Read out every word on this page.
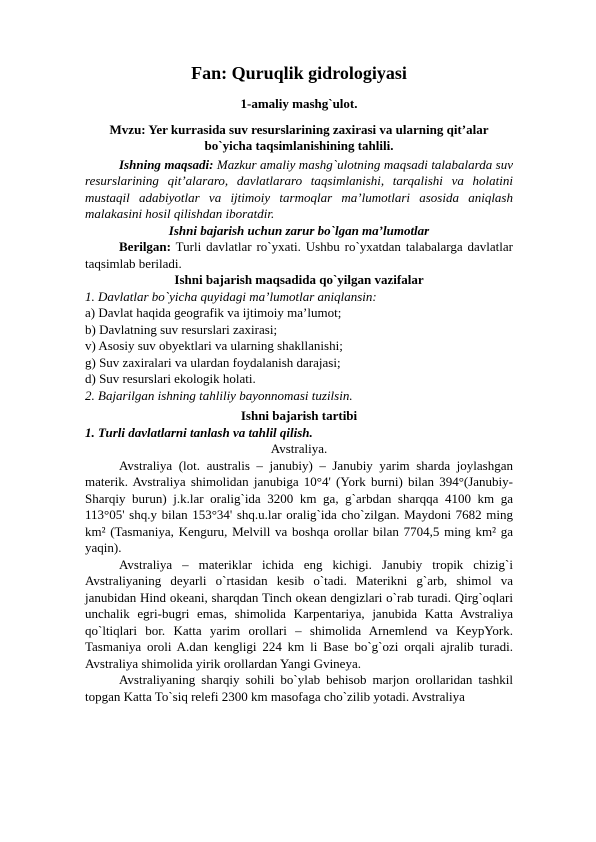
Fan: Quruqlik gidrologiyasi

1-amaliy mashg`ulot.

Mvzu: Yer kurrasida suv resurslarining zaxirasi va ularning qit’alar bo`yicha taqsimlanishining tahlili.

Ishning maqsadi: Mazkur amaliy mashg`ulotning maqsadi talabalarda suv resurslarining qit’alararo, davlatlararo taqsimlanishi, tarqalishi va holatini mustaqil adabiyotlar va ijtimoiy tarmoqlar ma’lumotlari asosida aniqlash malakasini hosil qilishdan iboratdir.

Ishni bajarish uchun zarur bo`lgan ma’lumotlar

Berilgan: Turli davlatlar ro`yxati. Ushbu ro`yxatdan talabalarga davlatlar taqsimlab beriladi.

Ishni bajarish maqsadida qo`yilgan vazifalar

1. Davlatlar bo`yicha quyidagi ma’lumotlar aniqlansin:

a) Davlat haqida geografik va ijtimoiy ma’lumot;

b) Davlatning suv resurslari zaxirasi;

v) Asosiy suv obyektlari va ularning shakllanishi;

g) Suv zaxiralari va ulardan foydalanish darajasi;

d) Suv resurslari ekologik holati.

2. Bajarilgan ishning tahliliy bayonnomasi tuzilsin.

Ishni bajarish tartibi

1. Turli davlatlarni tanlash va tahlil qilish.

Avstraliya.

Avstraliya (lot. australis – janubiy) – Janubiy yarim sharda joylashgan materik. Avstraliya shimolidan janubiga 10°4' (York burni) bilan 394°(Janubiy-Sharqiy burun) j.k.lar oralig`ida 3200 km ga, g`arbdan sharqqa 4100 km ga 113°05' shq.y bilan 153°34' shq.u.lar oralig`ida cho`zilgan. Maydoni 7682 ming km² (Tasmaniya, Kenguru, Melvill va boshqa orollar bilan 7704,5 ming km² ga yaqin).

Avstraliya – materiklar ichida eng kichigi. Janubiy tropik chizig`i Avstraliyaning deyarli o`rtasidan kesib o`tadi. Materikni g`arb, shimol va janubidan Hind okeani, sharqdan Tinch okean dengizlari o`rab turadi. Qirg`oqlari unchalik egri-bugri emas, shimolida Karpentariya, janubida Katta Avstraliya qo`ltiqlari bor. Katta yarim orollari – shimolida Arnemlend va KeypYork. Tasmaniya oroli A.dan kengligi 224 km li Base bo`g`ozi orqali ajralib turadi. Avstraliya shimolida yirik orollardan Yangi Gvineya.

Avstraliyaning sharqiy sohili bo`ylab behisob marjon orollaridan tashkil topgan Katta To`siq relefi 2300 km masofaga cho`zilib yotadi. Avstraliya
